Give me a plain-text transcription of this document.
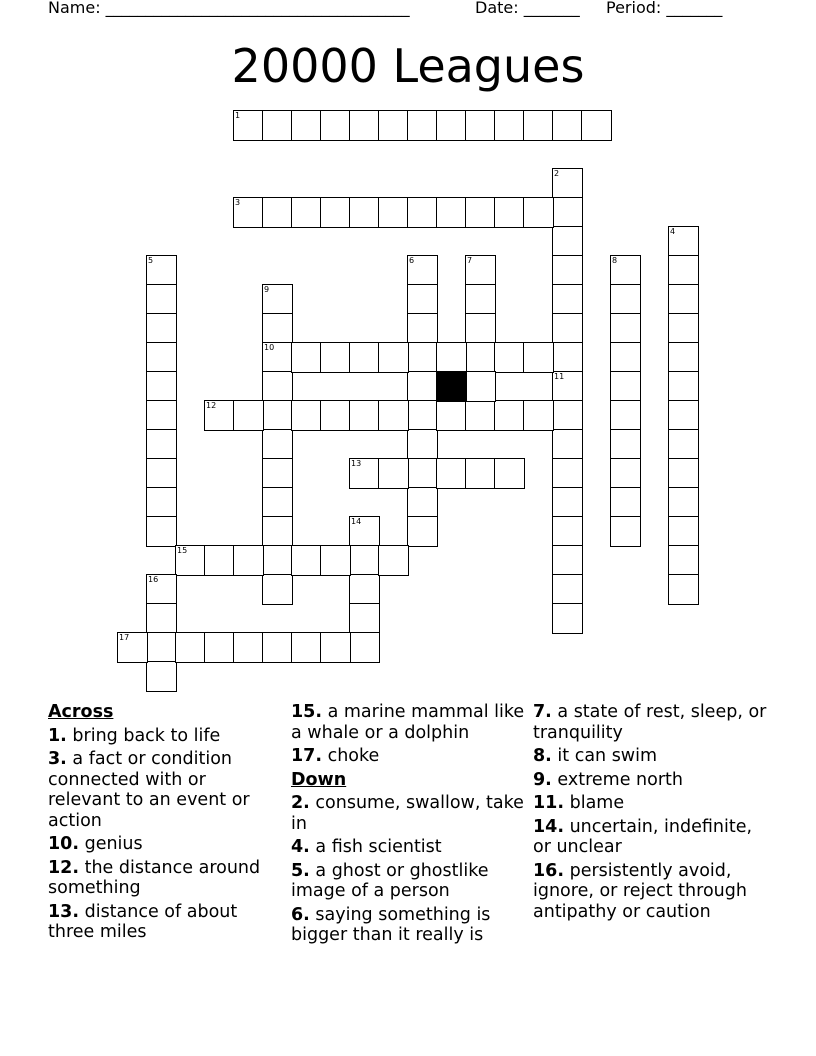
Name: ______________________________________	Date: _______ Period: _______
20000 Leagues
1
2
11
3
4
5	6	7	8
9
10
12
13
14
15
16
17
Across
1. bring back to life
3. a fact or condition connected with or relevant to an event or action
10. genius
12. the distance around something
13. distance of about three miles
15. a marine mammal like a whale or a dolphin
17. choke
Down
2. consume, swallow, take in
4. a fish scientist
5. a ghost or ghostlike image of a person
6. saying something is bigger than it really is
7. a state of rest, sleep, or tranquility
8. it can swim
9. extreme north
11. blame
14. uncertain, indefinite, or unclear
16. persistently avoid, ignore, or reject through antipathy or caution
